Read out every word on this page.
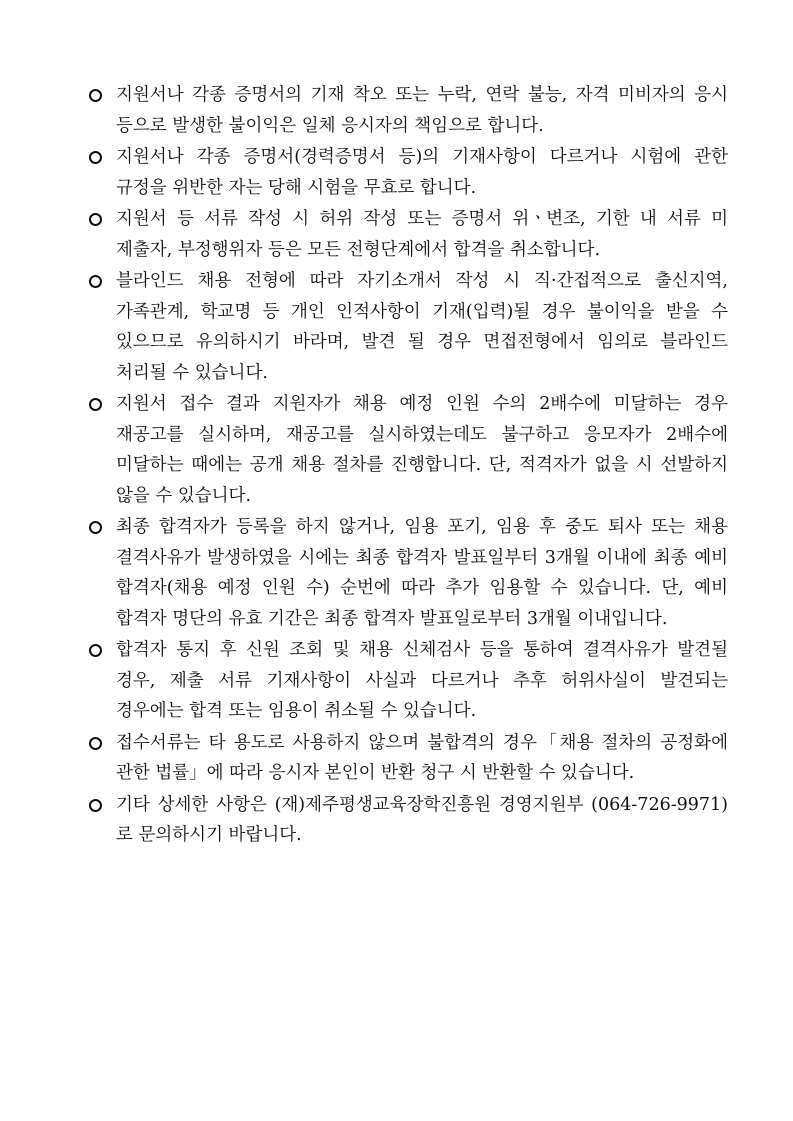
지원서나 각종 증명서의 기재 착오 또는 누락, 연락 불능, 자격 미비자의 응시 등으로 발생한 불이익은 일체 응시자의 책임으로 합니다.
지원서나 각종 증명서(경력증명서 등)의 기재사항이 다르거나 시험에 관한 규정을 위반한 자는 당해 시험을 무효로 합니다.
지원서 등 서류 작성 시 허위 작성 또는 증명서 위ㆍ변조, 기한 내 서류 미 제출자, 부정행위자 등은 모든 전형단계에서 합격을 취소합니다.
블라인드 채용 전형에 따라 자기소개서 작성 시 직·간접적으로 출신지역, 가족관계, 학교명 등 개인 인적사항이 기재(입력)될 경우 불이익을 받을 수 있으므로 유의하시기 바라며, 발견 될 경우 면접전형에서 임의로 블라인드 처리될 수 있습니다.
지원서 접수 결과 지원자가 채용 예정 인원 수의 2배수에 미달하는 경우 재공고를 실시하며, 재공고를 실시하였는데도 불구하고 응모자가 2배수에 미달하는 때에는 공개 채용 절차를 진행합니다. 단, 적격자가 없을 시 선발하지 않을 수 있습니다.
최종 합격자가 등록을 하지 않거나, 임용 포기, 임용 후 중도 퇴사 또는 채용 결격사유가 발생하였을 시에는 최종 합격자 발표일부터 3개월 이내에 최종 예비 합격자(채용 예정 인원 수) 순번에 따라 추가 임용할 수 있습니다. 단, 예비 합격자 명단의 유효 기간은 최종 합격자 발표일로부터 3개월 이내입니다.
합격자 통지 후 신원 조회 및 채용 신체검사 등을 통하여 결격사유가 발견될 경우, 제출 서류 기재사항이 사실과 다르거나 추후 허위사실이 발견되는 경우에는 합격 또는 임용이 취소될 수 있습니다.
접수서류는 타 용도로 사용하지 않으며 불합격의 경우「채용 절차의 공정화에 관한 법률」에 따라 응시자 본인이 반환 청구 시 반환할 수 있습니다.
기타 상세한 사항은 (재)제주평생교육장학진흥원 경영지원부 (064-726-9971)로 문의하시기 바랍니다.
